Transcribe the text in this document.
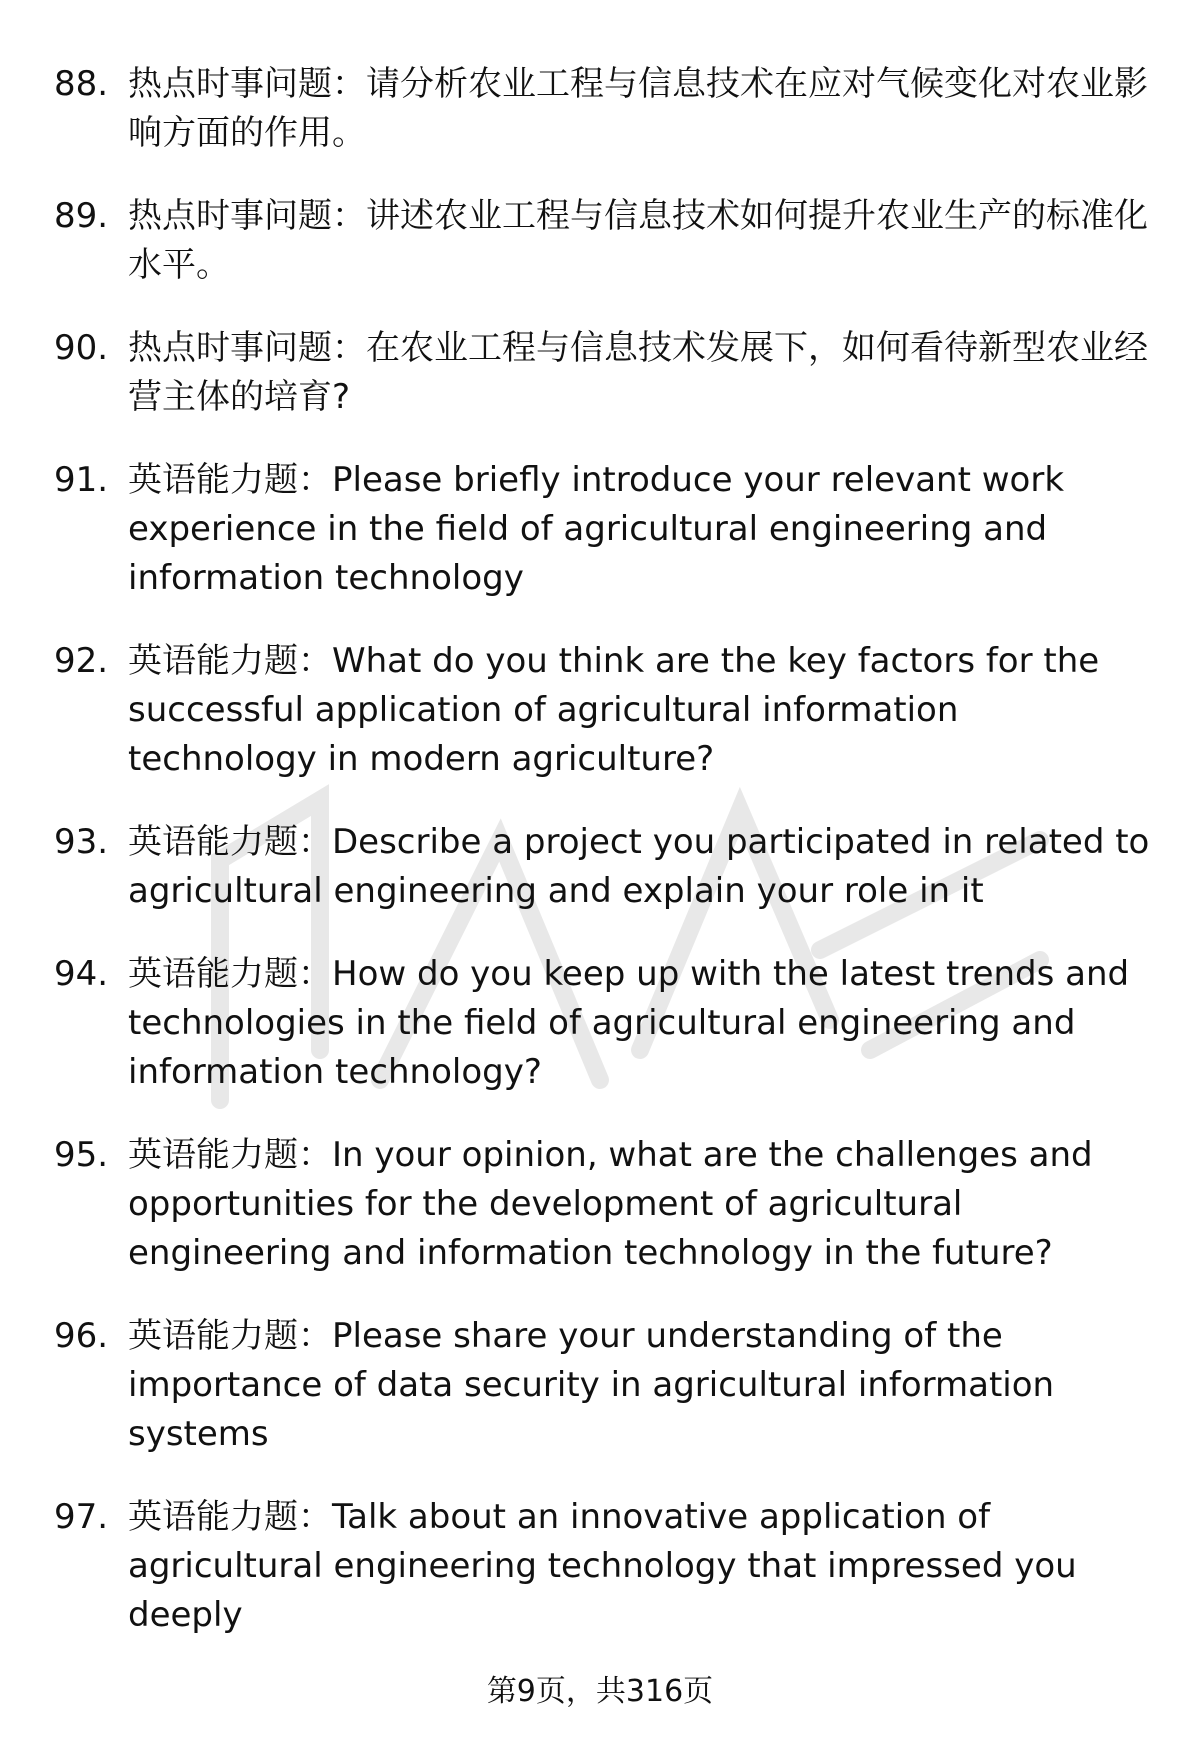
88. 热点时事问题：请分析农业工程与信息技术在应对气候变化对农业影响方面的作用。
89. 热点时事问题：讲述农业工程与信息技术如何提升农业生产的标准化水平。
90. 热点时事问题：在农业工程与信息技术发展下，如何看待新型农业经营主体的培育?
91. 英语能力题：Please briefly introduce your relevant work experience in the field of agricultural engineering and information technology
92. 英语能力题：What do you think are the key factors for the successful application of agricultural information technology in modern agriculture?
93. 英语能力题：Describe a project you participated in related to agricultural engineering and explain your role in it
94. 英语能力题：How do you keep up with the latest trends and technologies in the field of agricultural engineering and information technology?
95. 英语能力题：In your opinion, what are the challenges and opportunities for the development of agricultural engineering and information technology in the future?
96. 英语能力题：Please share your understanding of the importance of data security in agricultural information systems
97. 英语能力题：Talk about an innovative application of agricultural engineering technology that impressed you deeply
第9页，共316页
